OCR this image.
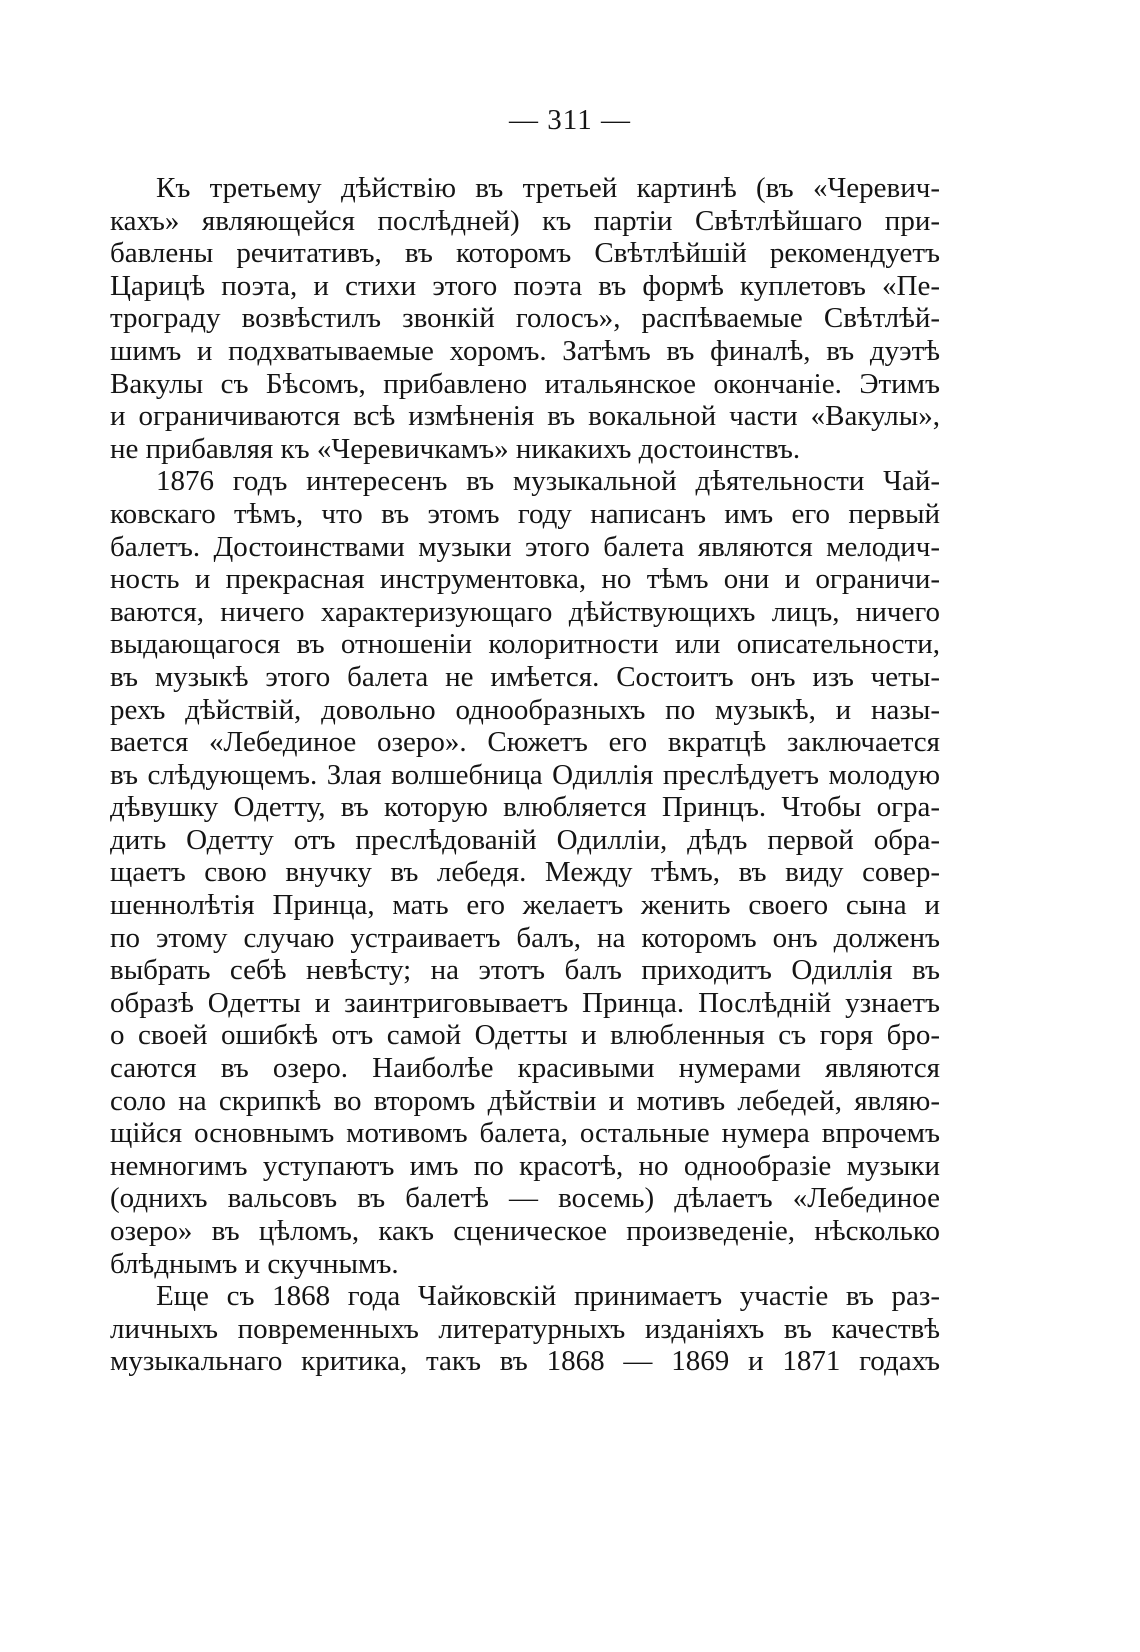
— 311 —
Къ третьему дѣйствію въ третьей картинѣ (въ «Черевич-
кахъ» являющейся послѣдней) къ партіи Свѣтлѣйшаго при-
бавлены речитативъ, въ которомъ Свѣтлѣйшій рекомендуетъ
Царицѣ поэта, и стихи этого поэта въ формѣ куплетовъ «Пе-
трограду возвѣстилъ звонкій голосъ», распѣваемые Свѣтлѣй-
шимъ и подхватываемые хоромъ. Затѣмъ въ финалѣ, въ дуэтѣ
Вакулы съ Бѣсомъ, прибавлено итальянское окончаніе. Этимъ
и ограничиваются всѣ измѣненія въ вокальной части «Вакулы»,
не прибавляя къ «Черевичкамъ» никакихъ достоинствъ.
1876 годъ интересенъ въ музыкальной дѣятельности Чай-
ковскаго тѣмъ, что въ этомъ году написанъ имъ его первый
балетъ. Достоинствами музыки этого балета являются мелодич-
ность и прекрасная инструментовка, но тѣмъ они и ограничи-
ваются, ничего характеризующаго дѣйствующихъ лицъ, ничего
выдающагося въ отношеніи колоритности или описательности,
въ музыкѣ этого балета не имѣется. Состоитъ онъ изъ четы-
рехъ дѣйствій, довольно однообразныхъ по музыкѣ, и назы-
вается «Лебединое озеро». Сюжетъ его вкратцѣ заключается
въ слѣдующемъ. Злая волшебница Одиллія преслѣдуетъ молодую
дѣвушку Одетту, въ которую влюбляется Принцъ. Чтобы огра-
дить Одетту отъ преслѣдованій Одилліи, дѣдъ первой обра-
щаетъ свою внучку въ лебедя. Между тѣмъ, въ виду совер-
шеннолѣтія Принца, мать его желаетъ женить своего сына и
по этому случаю устраиваетъ балъ, на которомъ онъ долженъ
выбрать себѣ невѣсту; на этотъ балъ приходитъ Одиллія въ
образѣ Одетты и заинтриговываетъ Принца. Послѣдній узнаетъ
о своей ошибкѣ отъ самой Одетты и влюбленныя съ горя бро-
саются въ озеро. Наиболѣе красивыми нумерами являются
соло на скрипкѣ во второмъ дѣйствіи и мотивъ лебедей, являю-
щійся основнымъ мотивомъ балета, остальные нумера впрочемъ
немногимъ уступаютъ имъ по красотѣ, но однообразіе музыки
(однихъ вальсовъ въ балетѣ — восемь) дѣлаетъ «Лебединое
озеро» въ цѣломъ, какъ сценическое произведеніе, нѣсколько
блѣднымъ и скучнымъ.
Еще съ 1868 года Чайковскій принимаетъ участіе въ раз-
личныхъ повременныхъ литературныхъ изданіяхъ въ качествѣ
музыкальнаго критика, такъ въ 1868 — 1869 и 1871 годахъ
